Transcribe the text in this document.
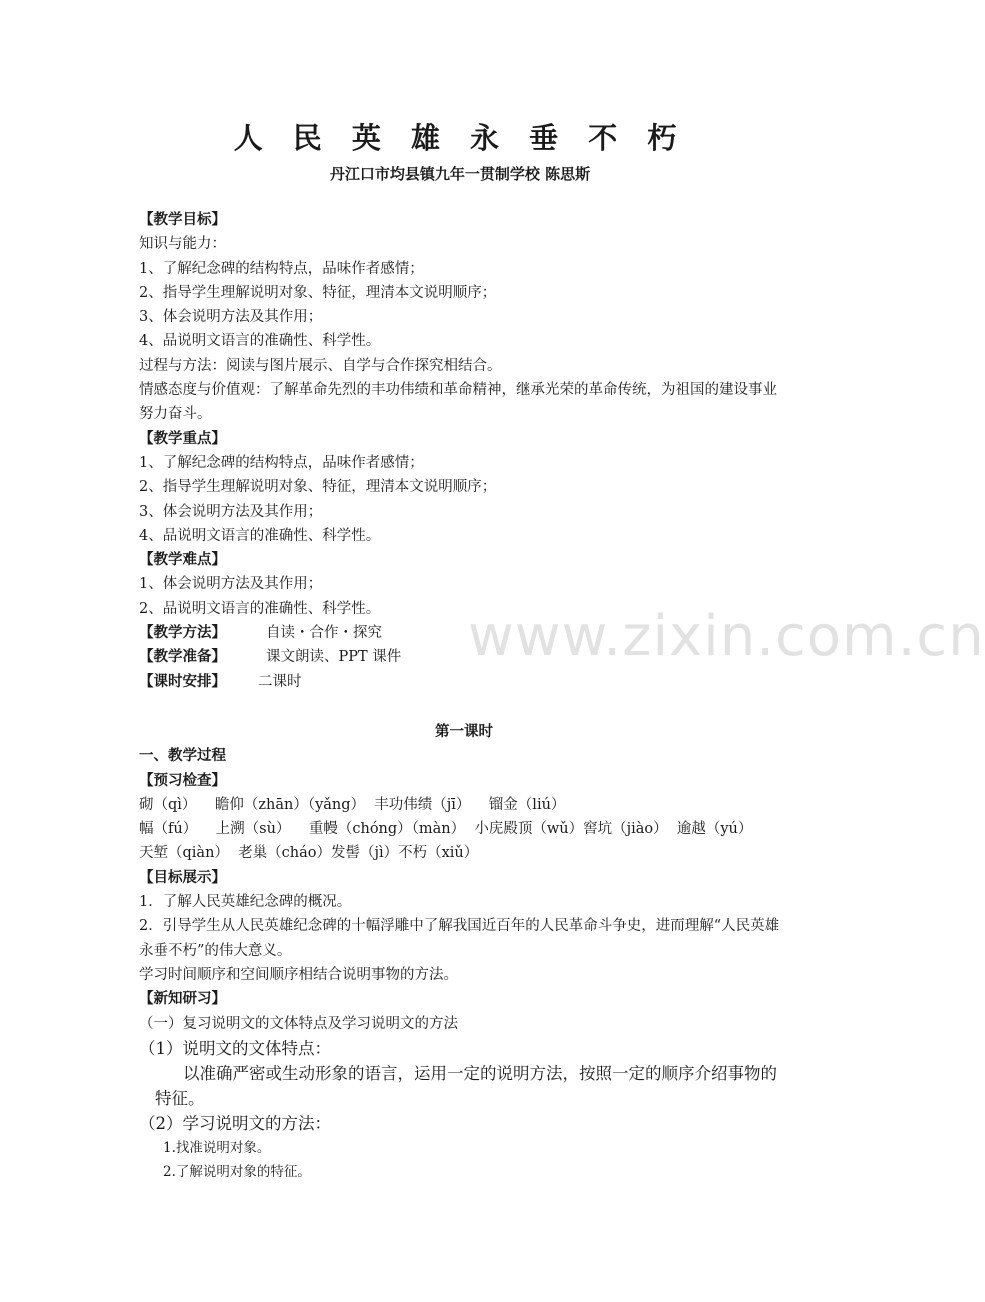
人 民 英 雄 永 垂 不 朽
丹江口市均县镇九年一贯制学校 陈思斯
【教学目标】
知识与能力：
1、了解纪念碑的结构特点，品味作者感情；
2、指导学生理解说明对象、特征，理清本文说明顺序；
3、体会说明方法及其作用；
4、品说明文语言的准确性、科学性。
过程与方法：阅读与图片展示、自学与合作探究相结合。
情感态度与价值观：了解革命先烈的丰功伟绩和革命精神，继承光荣的革命传统，为祖国的建设事业努力奋斗。
【教学重点】
1、了解纪念碑的结构特点，品味作者感情；
2、指导学生理解说明对象、特征，理清本文说明顺序；
3、体会说明方法及其作用；
4、品说明文语言的准确性、科学性。
【教学难点】
1、体会说明方法及其作用；
2、品说明文语言的准确性、科学性。
【教学方法】	自读・合作・探究
【教学准备】	课文朗读、PPT 课件
【课时安排】 二课时
第一课时
一、教学过程
【预习检查】
砌（qì）    瞻仰（zhān）（yǎng）  丰功伟绩（jī）    镏金（liú）
幅（fú）    上溯（sù）    重幔（chóng）（màn）  小庑殿顶（wǔ）窖坑（jiào）  逾越（yú）
天堑（qiàn）  老巢（cháo）发髻（jì）不朽（xiǔ）
【目标展示】
1．了解人民英雄纪念碑的概况。
2．引导学生从人民英雄纪念碑的十幅浮雕中了解我国近百年的人民革命斗争史，进而理解“人民英雄永垂不朽”的伟大意义。
学习时间顺序和空间顺序相结合说明事物的方法。
【新知研习】
（一）复习说明文的文体特点及学习说明文的方法
（1）说明文的文体特点：
以准确严密或生动形象的语言，运用一定的说明方法，按照一定的顺序介绍事物的特征。
（2）学习说明文的方法：
1.找准说明对象。
2.了解说明对象的特征。
www.zixin.com.cn
